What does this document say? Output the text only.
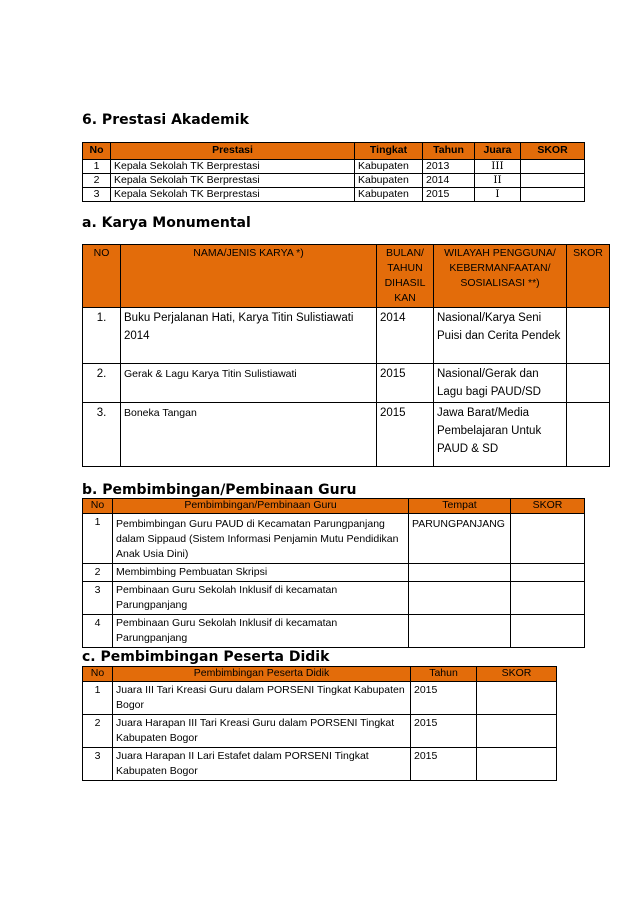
6. Prestasi Akademik
No	Prestasi	Tingkat	Tahun	Juara	SKOR
1	Kepala Sekolah TK Berprestasi	Kabupaten	2013	III	
2	Kepala Sekolah TK Berprestasi	Kabupaten	2014	II	
3	Kepala Sekolah TK Berprestasi	Kabupaten	2015	I	
a. Karya Monumental
NO	NAMA/JENIS KARYA *)	BULAN/ TAHUN DIHASIL KAN	WILAYAH PENGGUNA/ KEBERMANFAATAN/ SOSIALISASI **)	SKOR
1.	Buku Perjalanan Hati, Karya Titin Sulistiawati 2014	2014	Nasional/Karya Seni Puisi dan Cerita Pendek	
2.	Gerak & Lagu Karya Titin Sulistiawati	2015	Nasional/Gerak dan Lagu bagi PAUD/SD	
3.	Boneka Tangan	2015	Jawa Barat/Media Pembelajaran Untuk PAUD & SD	
b. Pembimbingan/Pembinaan Guru
No	Pembimbingan/Pembinaan Guru	Tempat	SKOR
1	Pembimbingan Guru PAUD di Kecamatan Parungpanjang dalam Sippaud (Sistem Informasi Penjamin Mutu Pendidikan Anak Usia Dini)	PARUNGPANJANG	
2	Membimbing Pembuatan Skripsi		
3	Pembinaan Guru Sekolah Inklusif di kecamatan Parungpanjang		
4	Pembinaan Guru Sekolah Inklusif di kecamatan Parungpanjang		
c. Pembimbingan Peserta Didik
No	Pembimbingan Peserta Didik	Tahun	SKOR
1	Juara III Tari Kreasi Guru dalam PORSENI Tingkat Kabupaten Bogor	2015	
2	Juara Harapan III Tari Kreasi Guru dalam PORSENI Tingkat Kabupaten Bogor	2015	
3	Juara Harapan II Lari Estafet dalam PORSENI Tingkat Kabupaten Bogor	2015	
